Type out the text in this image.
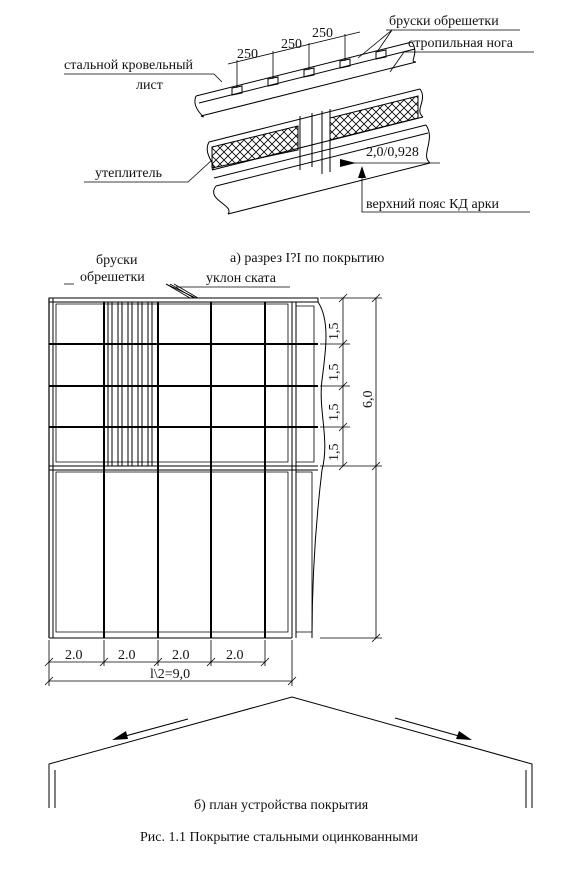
250
250
250
бруски обрешетки
стропильная нога
стальной кровельный
лист
утеплитель
2,0/0,928
верхний пояс КД арки
а) разрез I?I по покрытию
бруски
обрешетки	уклон ската
1,5
1,5
1,5
1,5
6,0
2.0	2.0	2.0	2.0
l\2=9,0
б) план устройства покрытия
Рис. 1.1 Покрытие стальными оцинкованными
